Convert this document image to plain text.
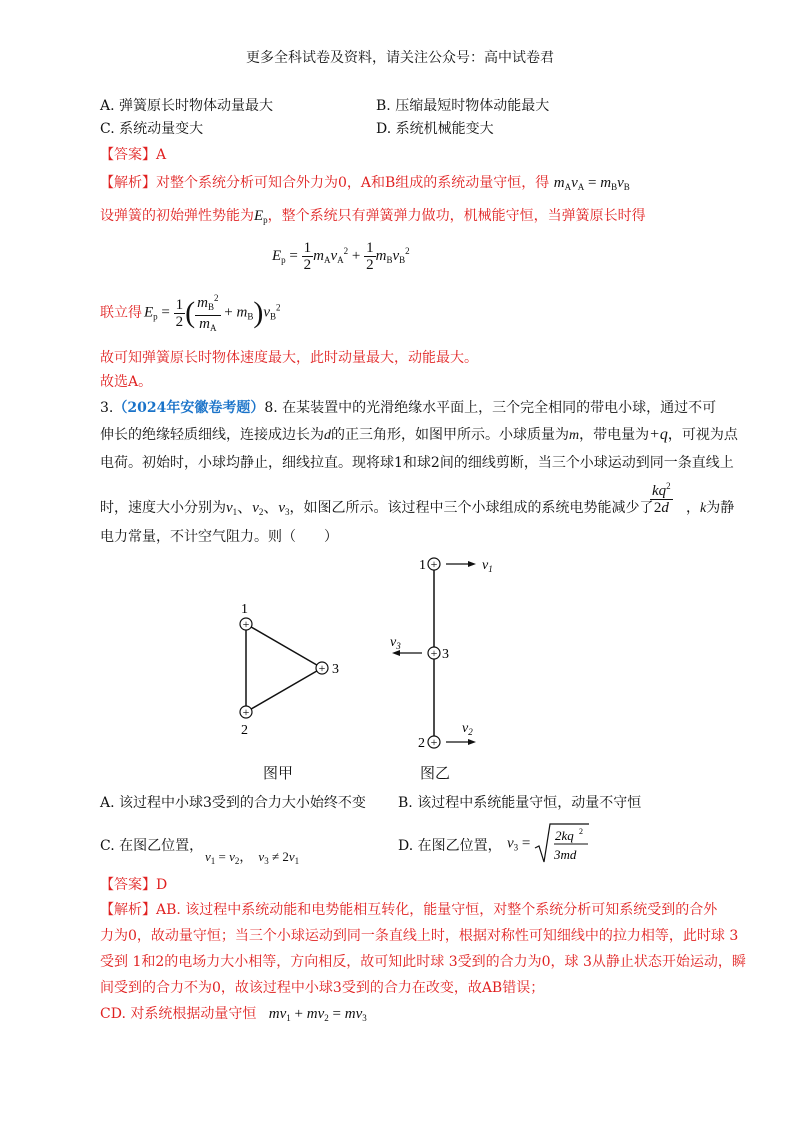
更多全科试卷及资料，请关注公众号：高中试卷君
A. 弹簧原长时物体动量最大	B. 压缩最短时物体动能最大
C. 系统动量变大	D. 系统机械能变大
【答案】A
【解析】对整个系统分析可知合外力为0，A和B组成的系统动量守恒，得 $m_Av_A = m_Bv_B$
设弹簧的初始弹性势能为$E_p$，整个系统只有弹簧弹力做功，机械能守恒，当弹簧原长时得
$E_p = \frac{1}{2} m_Av_A^2 + \frac{1}{2} m_Bv_B^2$
联立得 $E_p = \frac{1}{2}$ ( $\frac{m_B^2}{m_A} + m_B)v_B^2$
故可知弹簧原长时物体速度最大，此时动量最大，动能最大。
故选A。
3.（2024年安徽卷考题）8. 在某装置中的光滑绝缘水平面上，三个完全相同的带电小球，通过不可
伸长的绝缘轻质细线，连接成边长为d的正三角形，如图甲所示。小球质量为m，带电量为+q，可视为点
电荷。初始时，小球均静止，细线拉直。现将球1和球2间的细线剪断，当三个小球运动到同一条直线上
时，速度大小分别为$v_1$、$v_2$、$v_3$，如图乙所示。该过程中三个小球组成的系统电势能减少了
$\frac{kq^2}{2d}$ ，k为静
电力常量，不计空气阻力。则（　　）
+
+
+
1
2
3
+
+
+
1
3
2
$v_1$
$v_3$
$v_2$
图甲	图乙
A. 该过程中小球3受到的合力大小始终不变 B. 该过程中系统能量守恒，动量不守恒
C. 在图乙位置，
$v_1 = v_2$， $v_3 \ne 2v_1$
D. 在图乙位置， $v_3 = 2kq$ 2
3md
【答案】D
【解析】AB. 该过程中系统动能和电势能相互转化，能量守恒，对整个系统分析可知系统受到的合外
力为0，故动量守恒；当三个小球运动到同一条直线上时，根据对称性可知细线中的拉力相等，此时球 3
受到 1和2的电场力大小相等，方向相反，故可知此时球 3受到的合力为0，球 3从静止状态开始运动，瞬
间受到的合力不为0，故该过程中小球3受到的合力在改变，故AB错误；
CD. 对系统根据动量守恒 $mv_1 + mv_2 = mv_3$
